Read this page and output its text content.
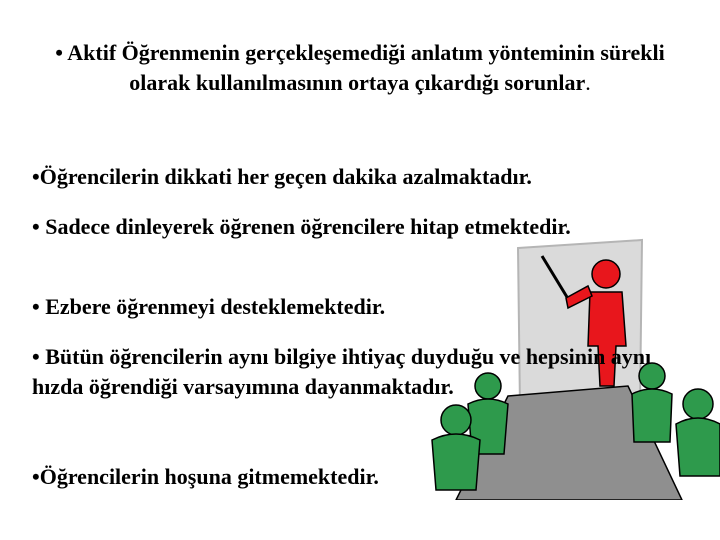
• Aktif Öğrenmenin gerçekleşemediği anlatım yönteminin sürekli olarak kullanılmasının ortaya çıkardığı sorunlar.

•Öğrencilerin dikkati her geçen dakika azalmaktadır.

• Sadece dinleyerek öğrenen öğrencilere hitap etmektedir.

• Ezbere öğrenmeyi desteklemektedir.

• Bütün öğrencilerin aynı bilgiye ihtiyaç duyduğu ve hepsinin aynı hızda öğrendiği varsayımına dayanmaktadır.

•Öğrencilerin hoşuna gitmemektedir.
